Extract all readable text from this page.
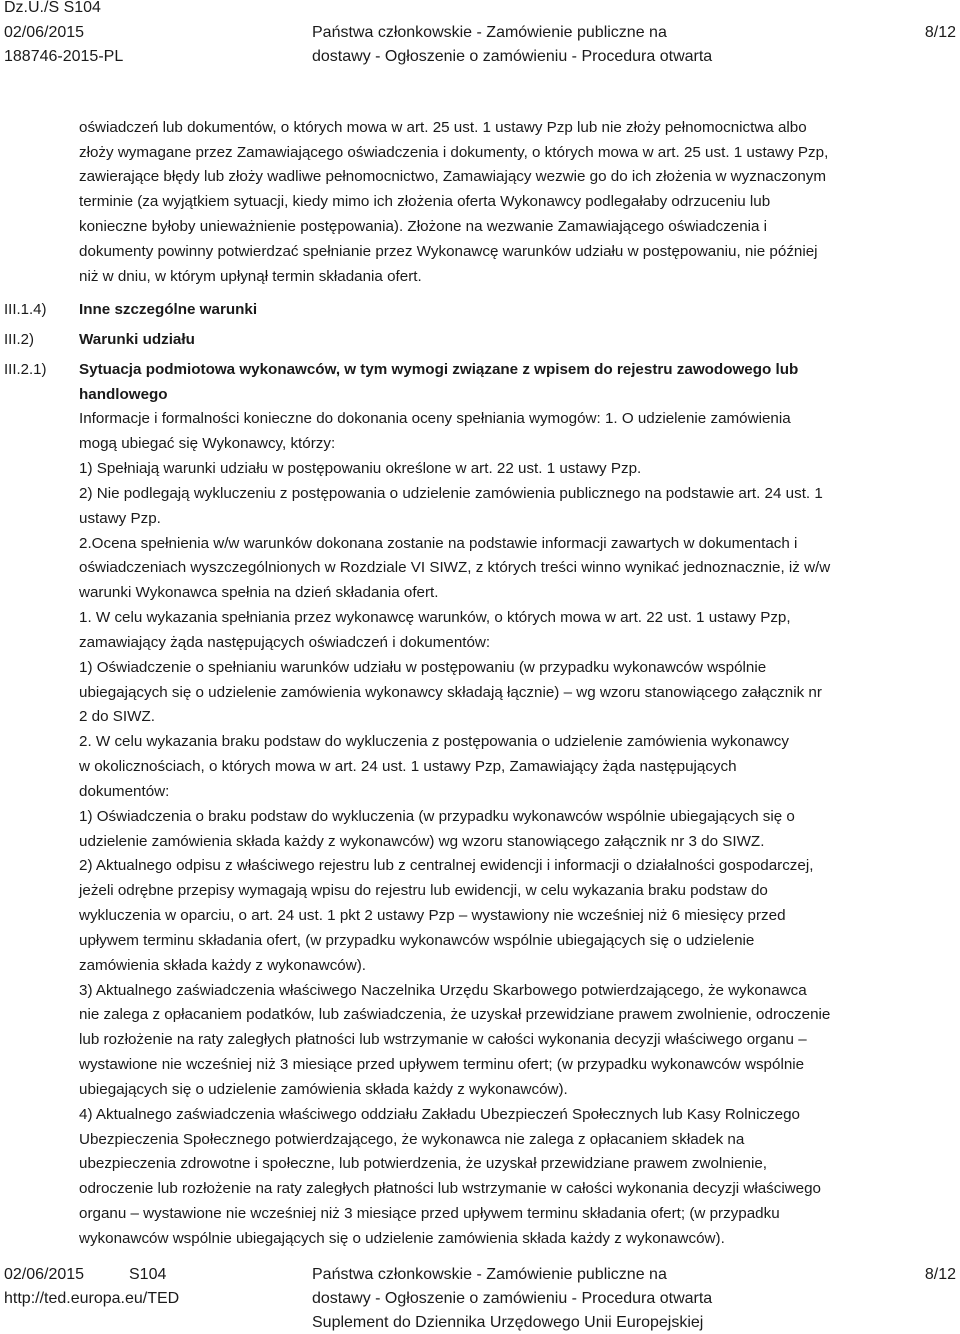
Dz.U./S S104
02/06/2015
188746-2015-PL
Państwa członkowskie - Zamówienie publiczne na
dostawy - Ogłoszenie o zamówieniu - Procedura otwarta
8/12
III.1.4)
III.2)
III.2.1)
oświadczeń lub dokumentów, o których mowa w art. 25 ust. 1 ustawy Pzp lub nie złoży pełnomocnictwa albo
złoży wymagane przez Zamawiającego oświadczenia i dokumenty, o których mowa w art. 25 ust. 1 ustawy Pzp,
zawierające błędy lub złoży wadliwe pełnomocnictwo, Zamawiający wezwie go do ich złożenia w wyznaczonym
terminie (za wyjątkiem sytuacji, kiedy mimo ich złożenia oferta Wykonawcy podlegałaby odrzuceniu lub
konieczne byłoby unieważnienie postępowania). Złożone na wezwanie Zamawiającego oświadczenia i
dokumenty powinny potwierdzać spełnianie przez Wykonawcę warunków udziału w postępowaniu, nie później
niż w dniu, w którym upłynął termin składania ofert.
Inne szczególne warunki
Warunki udziału
Sytuacja podmiotowa wykonawców, w tym wymogi związane z wpisem do rejestru zawodowego lub
handlowego
Informacje i formalności konieczne do dokonania oceny spełniania wymogów: 1. O udzielenie zamówienia
mogą ubiegać się Wykonawcy, którzy:
1) Spełniają warunki udziału w postępowaniu określone w art. 22 ust. 1 ustawy Pzp.
2) Nie podlegają wykluczeniu z postępowania o udzielenie zamówienia publicznego na podstawie art. 24 ust. 1
ustawy Pzp.
2.Ocena spełnienia w/w warunków dokonana zostanie na podstawie informacji zawartych w dokumentach i
oświadczeniach wyszczególnionych w Rozdziale VI SIWZ, z których treści winno wynikać jednoznacznie, iż w/w
warunki Wykonawca spełnia na dzień składania ofert.
1. W celu wykazania spełniania przez wykonawcę warunków, o których mowa w art. 22 ust. 1 ustawy Pzp,
zamawiający żąda następujących oświadczeń i dokumentów:
1) Oświadczenie o spełnianiu warunków udziału w postępowaniu (w przypadku wykonawców wspólnie
ubiegających się o udzielenie zamówienia wykonawcy składają łącznie) – wg wzoru stanowiącego załącznik nr
2 do SIWZ.
2. W celu wykazania braku podstaw do wykluczenia z postępowania o udzielenie zamówienia wykonawcy
w okolicznościach, o których mowa w art. 24 ust. 1 ustawy Pzp, Zamawiający żąda następujących
dokumentów:
1) Oświadczenia o braku podstaw do wykluczenia (w przypadku wykonawców wspólnie ubiegających się o
udzielenie zamówienia składa każdy z wykonawców) wg wzoru stanowiącego załącznik nr 3 do SIWZ.
2) Aktualnego odpisu z właściwego rejestru lub z centralnej ewidencji i informacji o działalności gospodarczej,
jeżeli odrębne przepisy wymagają wpisu do rejestru lub ewidencji, w celu wykazania braku podstaw do
wykluczenia w oparciu, o art. 24 ust. 1 pkt 2 ustawy Pzp – wystawiony nie wcześniej niż 6 miesięcy przed
upływem terminu składania ofert, (w przypadku wykonawców wspólnie ubiegających się o udzielenie
zamówienia składa każdy z wykonawców).
3) Aktualnego zaświadczenia właściwego Naczelnika Urzędu Skarbowego potwierdzającego, że wykonawca
nie zalega z opłacaniem podatków, lub zaświadczenia, że uzyskał przewidziane prawem zwolnienie, odroczenie
lub rozłożenie na raty zaległych płatności lub wstrzymanie w całości wykonania decyzji właściwego organu –
wystawione nie wcześniej niż 3 miesiące przed upływem terminu ofert; (w przypadku wykonawców wspólnie
ubiegających się o udzielenie zamówienia składa każdy z wykonawców).
4) Aktualnego zaświadczenia właściwego oddziału Zakładu Ubezpieczeń Społecznych lub Kasy Rolniczego
Ubezpieczenia Społecznego potwierdzającego, że wykonawca nie zalega z opłacaniem składek na
ubezpieczenia zdrowotne i społeczne, lub potwierdzenia, że uzyskał przewidziane prawem zwolnienie,
odroczenie lub rozłożenie na raty zaległych płatności lub wstrzymanie w całości wykonania decyzji właściwego
organu – wystawione nie wcześniej niż 3 miesiące przed upływem terminu składania ofert; (w przypadku
wykonawców wspólnie ubiegających się o udzielenie zamówienia składa każdy z wykonawców).
02/06/2015	S104
http://ted.europa.eu/TED
Państwa członkowskie - Zamówienie publiczne na
dostawy - Ogłoszenie o zamówieniu - Procedura otwarta
Suplement do Dziennika Urzędowego Unii Europejskiej
8/12
